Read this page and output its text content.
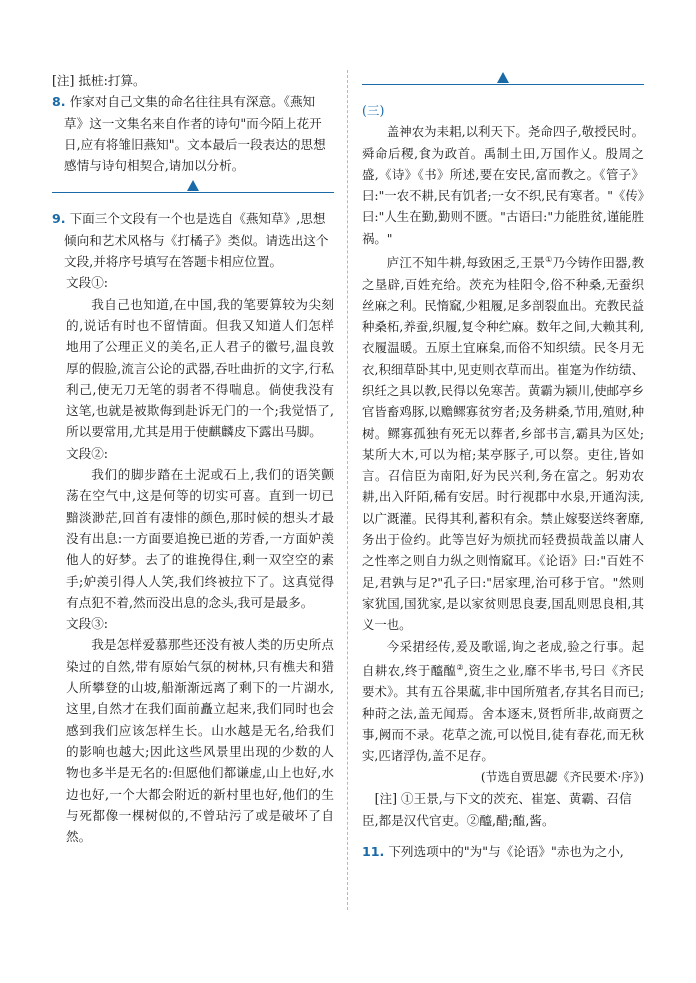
[注] 抵桩:打算。

8. 作家对自己文集的命名往往具有深意。《燕知草》这一文集名来自作者的诗句"而今陌上花开日,应有将雏旧燕知"。文本最后一段表达的思想感情与诗句相契合,请加以分析。

9. 下面三个文段有一个也是选自《燕知草》,思想倾向和艺术风格与《打橘子》类似。请选出这个文段,并将序号填写在答题卡相应位置。

文段①:

我自己也知道,在中国,我的笔要算较为尖刻的,说话有时也不留情面。但我又知道人们怎样地用了公理正义的美名,正人君子的徽号,温良敦厚的假脸,流言公论的武器,吞吐曲折的文字,行私利己,使无刀无笔的弱者不得喘息。倘使我没有这笔,也就是被欺侮到赴诉无门的一个;我觉悟了,所以要常用,尤其是用于使麒麟皮下露出马脚。

文段②:

我们的脚步踏在土泥或石上,我们的语笑颤荡在空气中,这是何等的切实可喜。直到一切已黯淡渺茫,回首有凄悱的颜色,那时候的想头才最没有出息:一方面要追挽已逝的芳香,一方面妒羡他人的好梦。去了的谁挽得住,剩一双空空的素手;妒羡引得人人笑,我们终被拉下了。这真觉得有点犯不着,然而没出息的念头,我可是最多。

文段③:

我是怎样爱慕那些还没有被人类的历史所点染过的自然,带有原始气氛的树林,只有樵夫和猎人所攀登的山坡,船渐渐远离了剩下的一片湖水,这里,自然才在我们面前矗立起来,我们同时也会感到我们应该怎样生长。山水越是无名,给我们的影响也越大;因此这些风景里出现的少数的人物也多半是无名的:但愿他们都谦虚,山上也好,水边也好,一个大都会附近的新村里也好,他们的生与死都像一棵树似的,不曾玷污了或是破坏了自然。

(三)

盖神农为耒耜,以利天下。尧命四子,敬授民时。舜命后稷,食为政首。禹制土田,万国作乂。殷周之盛,《诗》《书》所述,要在安民,富而教之。《管子》曰:"一农不耕,民有饥者;一女不织,民有寒者。"《传》曰:"人生在勤,勤则不匮。"古语曰:"力能胜贫,谨能胜祸。"

庐江不知牛耕,每致困乏,王景①乃今铸作田器,教之垦辟,百姓充给。茨充为桂阳令,俗不种桑,无蚕织丝麻之利。民惰窳,少粗履,足多剖裂血出。充教民益种桑柘,养蚕,织履,复令种纻麻。数年之间,大赖其利,衣履温暖。五原土宜麻枲,而俗不知织绩。民冬月无衣,积细草卧其中,见吏则衣草而出。崔寔为作纺绩、织纴之具以教,民得以免寒苦。黄霸为颍川,使邮亭乡官皆畜鸡豚,以赡鳏寡贫穷者;及务耕桑,节用,殖财,种树。鳏寡孤独有死无以葬者,乡部书言,霸具为区处;某所大木,可以为棺;某亭豚子,可以祭。吏往,皆如言。召信臣为南阳,好为民兴利,务在富之。躬劝农耕,出入阡陌,稀有安居。时行视郡中水泉,开通沟渎,以广溉灌。民得其利,蓄积有余。禁止嫁娶送终奢靡,务出于俭约。此等岂好为烦扰而轻费损哉盖以庸人之性率之则自力纵之则惰窳耳。《论语》曰:"百姓不足,君孰与足?"孔子曰:"居家理,治可移于官。"然则家犹国,国犹家,是以家贫则思良妻,国乱则思良相,其义一也。

今采捃经传,爰及歌谣,询之老成,验之行事。起自耕农,终于醯醢②,资生之业,靡不毕书,号曰《齐民要术》。其有五谷果蓏,非中国所殖者,存其名目而已;种莳之法,盖无闻焉。舍本逐末,贤哲所非,故商贾之事,阙而不录。花草之流,可以悦目,徒有春花,而无秋实,匹诸浮伪,盖不足存。

(节选自贾思勰《齐民要术·序》)

[注] ①王景,与下文的茨充、崔寔、黄霸、召信臣,都是汉代官吏。②醯,醋;醢,酱。

11. 下列选项中的"为"与《论语》"赤也为之小,
